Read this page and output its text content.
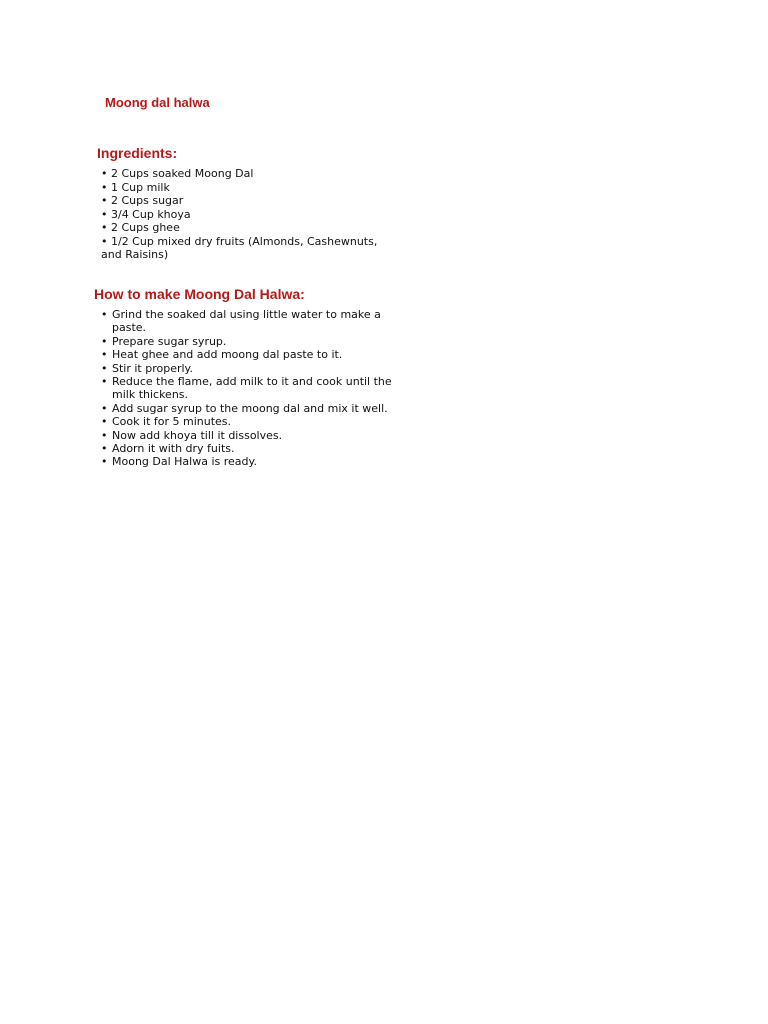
Moong dal halwa
Ingredients:
• 2 Cups soaked Moong Dal
• 1 Cup milk
• 2 Cups sugar
• 3/4 Cup khoya
• 2 Cups ghee
• 1/2 Cup mixed dry fruits (Almonds, Cashewnuts, and Raisins)
How to make Moong Dal Halwa:
• Grind the soaked dal using little water to make a paste.
• Prepare sugar syrup.
• Heat ghee and add moong dal paste to it.
• Stir it properly.
• Reduce the flame, add milk to it and cook until the milk thickens.
• Add sugar syrup to the moong dal and mix it well.
• Cook it for 5 minutes.
• Now add khoya till it dissolves.
• Adorn it with dry fuits.
• Moong Dal Halwa is ready.
